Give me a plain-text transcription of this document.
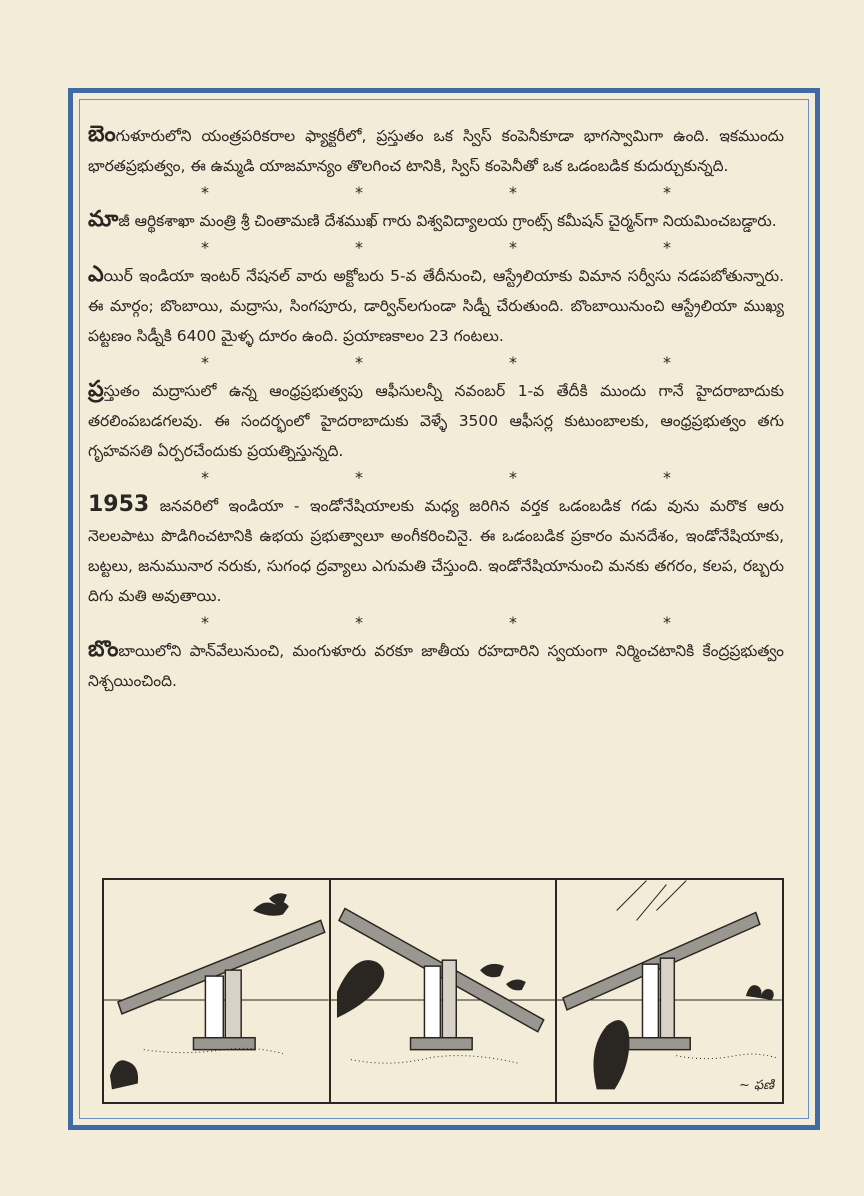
బెంగుళూరులోని యంత్రపరికరాల ఫ్యాక్టరీలో, ప్రస్తుతం ఒక స్విస్ కంపెనీకూడా భాగస్వామిగా ఉంది. ఇకముందు భారతప్రభుత్వం, ఈ ఉమ్మడి యాజమాన్యం తొలగించ టానికి, స్విస్ కంపెనీతో ఒక ఒడంబడిక కుదుర్చుకున్నది.

*	*	*	*

మాజీ ఆర్థికశాఖా మంత్రి శ్రీ చింతామణి దేశముఖ్ గారు విశ్వవిద్యాలయ గ్రాంట్స్ కమీషన్ చైర్మన్‌గా నియమించబడ్డారు.

*	*	*	*

ఎయిర్ ఇండియా ఇంటర్ నేషనల్ వారు అక్టోబరు 5-వ తేదీనుంచి, ఆస్ట్రేలియాకు విమాన సర్వీసు నడపబోతున్నారు. ఈ మార్గం; బొంబాయి, మద్రాసు, సింగపూరు, డార్విన్‌లగుండా సిడ్నీ చేరుతుంది. బొంబాయినుంచి ఆస్ట్రేలియా ముఖ్య పట్టణం సిడ్నీకి 6400 మైళ్ళ దూరం ఉంది. ప్రయాణకాలం 23 గంటలు.

*	*	*	*

ప్రస్తుతం మద్రాసులో ఉన్న ఆంధ్రప్రభుత్వపు ఆఫీసులన్నీ నవంబర్ 1-వ తేదీకి ముందు గానే హైదరాబాదుకు తరలింపబడగలవు. ఈ సందర్భంలో హైదరాబాదుకు వెళ్ళే 3500 ఆఫీసర్ల కుటుంబాలకు, ఆంధ్రప్రభుత్వం తగు గృహవసతి ఏర్పరచేందుకు ప్రయత్నిస్తున్నది.

*	*	*	*

1953 జనవరిలో ఇండియా - ఇండోనేషియాలకు మధ్య జరిగిన వర్తక ఒడంబడిక గడు వును మరొక ఆరు నెలలపాటు పొడిగించటానికి ఉభయ ప్రభుత్వాలూ అంగీకరించినై. ఈ ఒడంబడిక ప్రకారం మనదేశం, ఇండోనేషియాకు, బట్టలు, జనుమునార నరుకు, సుగంధ ద్రవ్యాలు ఎగుమతి చేస్తుంది. ఇండోనేషియానుంచి మనకు తగరం, కలప, రబ్బరు దిగు మతి అవుతాయి.

*	*	*	*

బొంబాయిలోని పాన్‌వేలునుంచి, మంగుళూరు వరకూ జాతీయ రహదారిని స్వయంగా నిర్మించటానికి కేంద్రప్రభుత్వం నిశ్చయించింది.

~ ఫణి
